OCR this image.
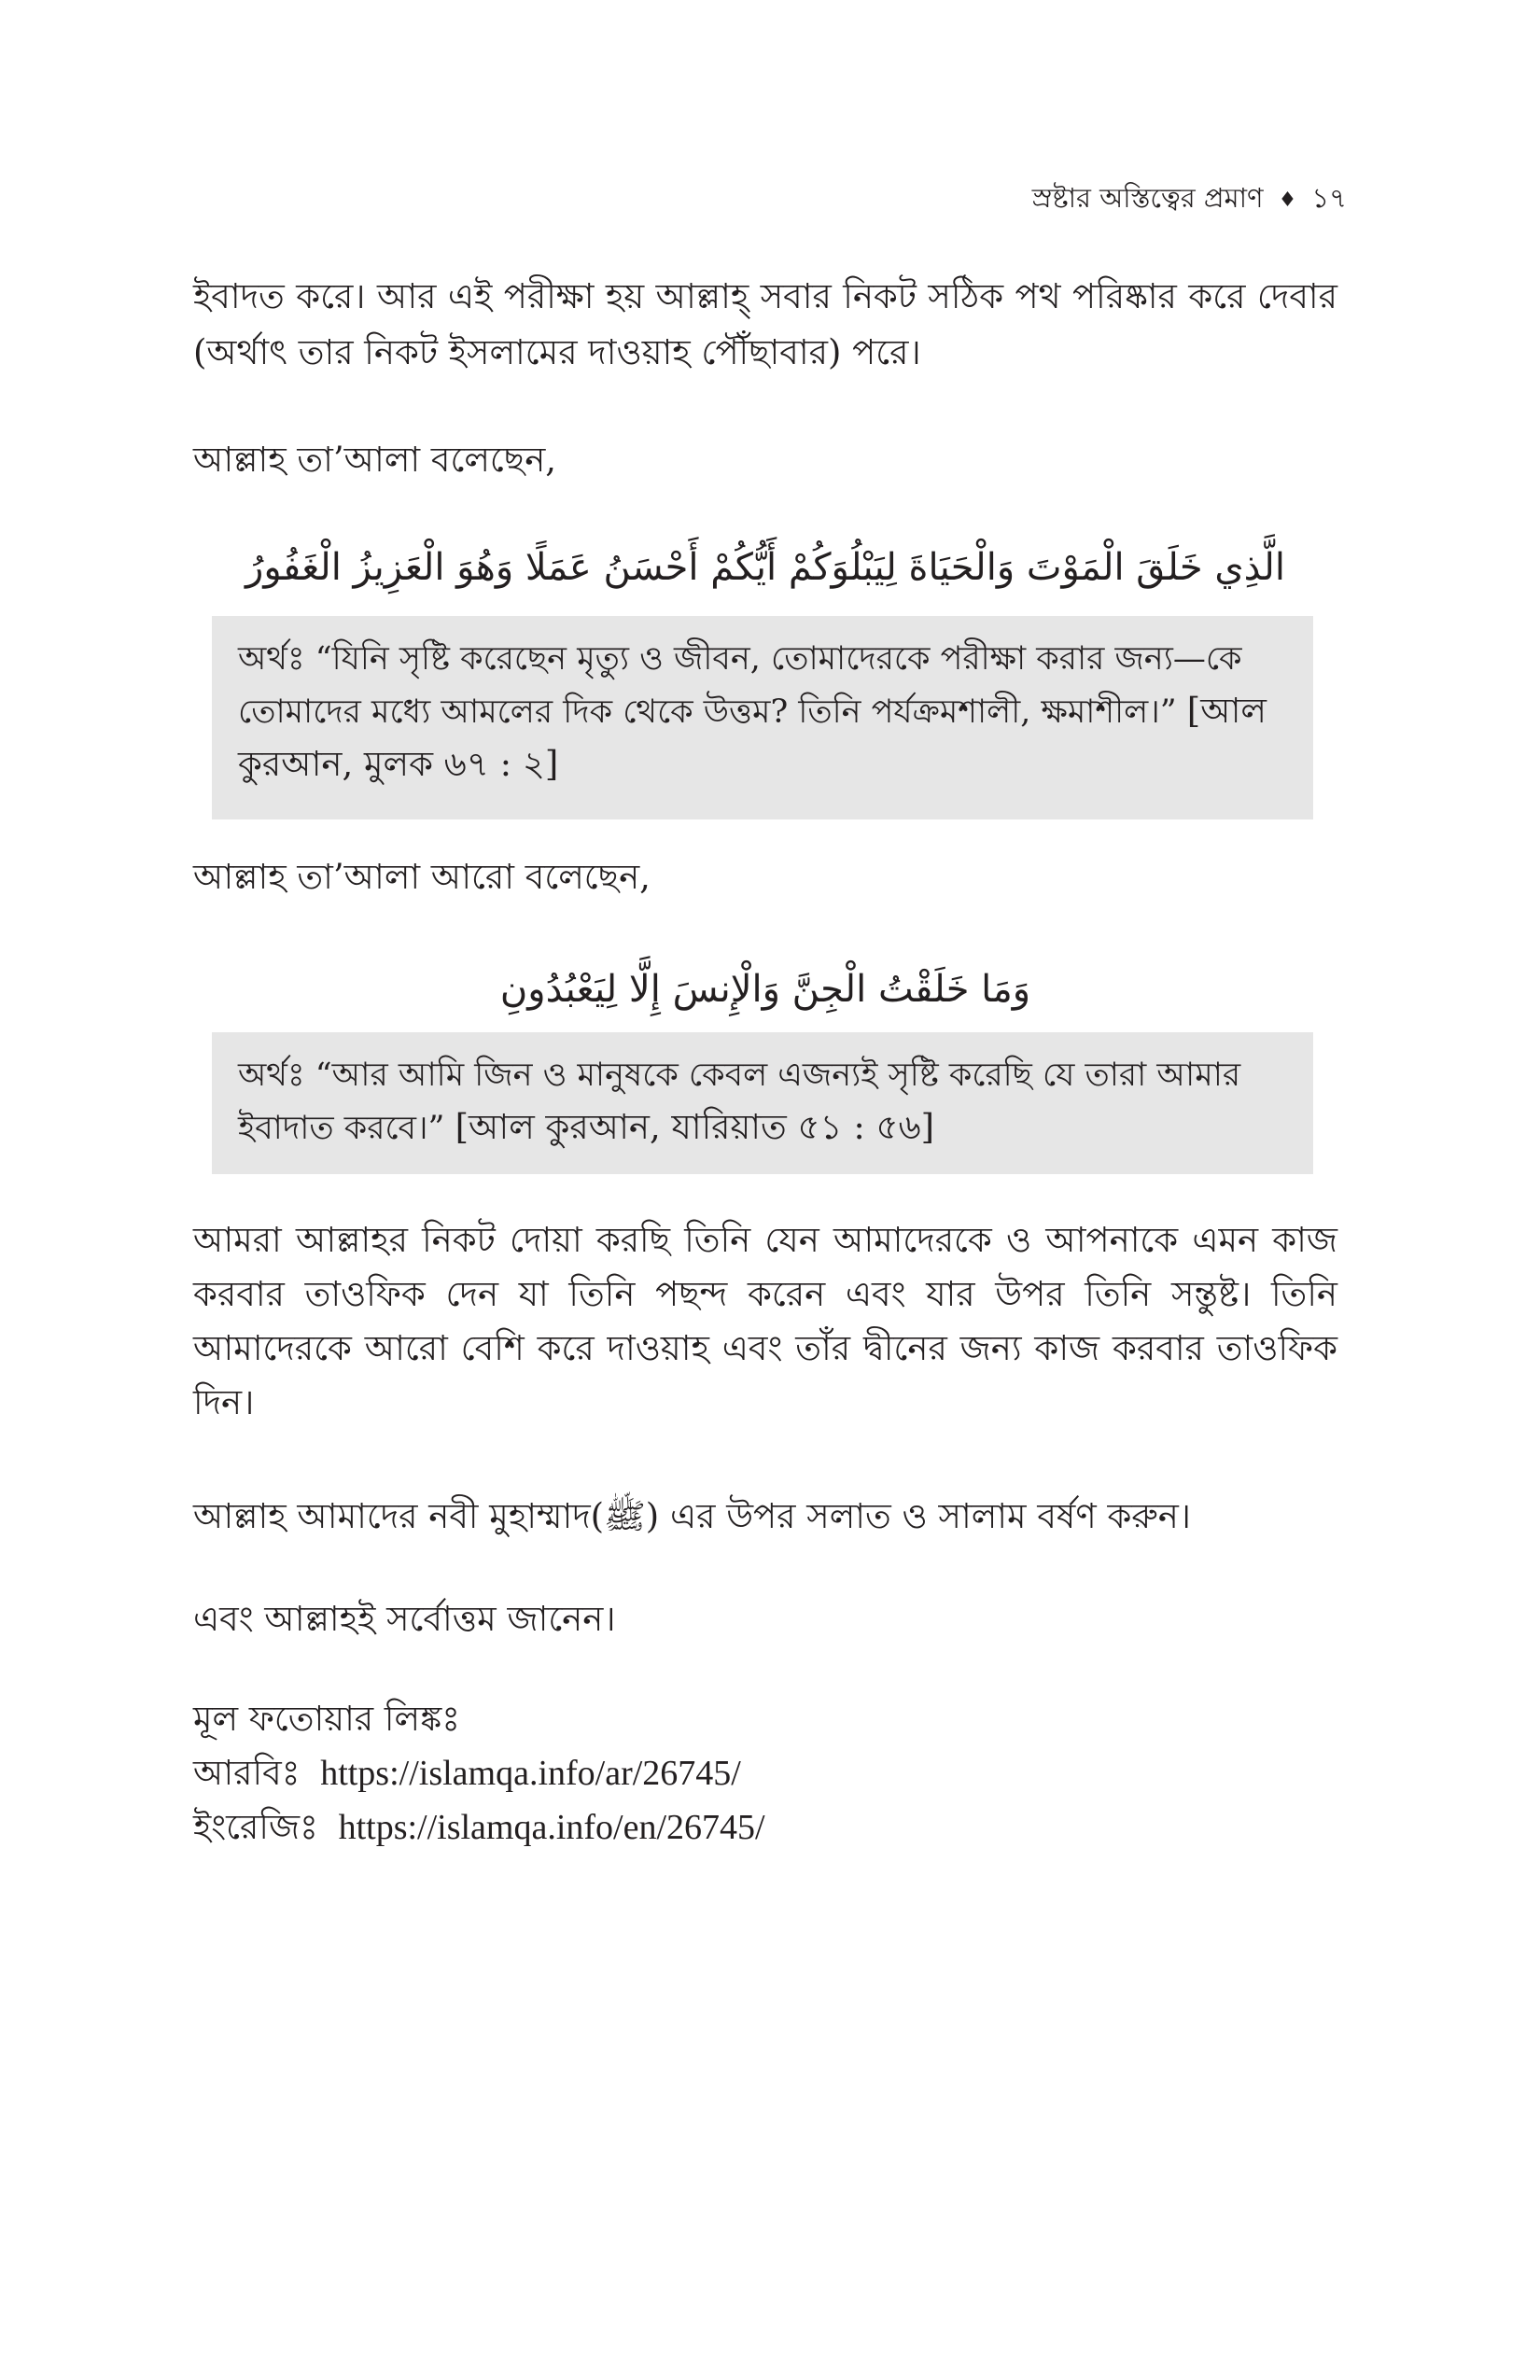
স্রষ্টার অস্তিত্বের প্রমাণ ♦ ১৭
ইবাদত করে। আর এই পরীক্ষা হয় আল্লাহ্‌ সবার নিকট সঠিক পথ পরিষ্কার করে দেবার (অর্থাৎ তার নিকট ইসলামের দাওয়াহ পৌঁছাবার) পরে।
আল্লাহ তা’আলা বলেছেন,
الَّذِي خَلَقَ الْمَوْتَ وَالْحَيَاةَ لِيَبْلُوَكُمْ أَيُّكُمْ أَحْسَنُ عَمَلًا وَهُوَ الْعَزِيزُ الْغَفُورُ
অর্থঃ “যিনি সৃষ্টি করেছেন মৃত্যু ও জীবন, তোমাদেরকে পরীক্ষা করার জন্য—কে তোমাদের মধ্যে আমলের দিক থেকে উত্তম? তিনি পর্যক্রমশালী, ক্ষমাশীল।” [আল কুরআন, মুলক ৬৭ : ২]
আল্লাহ তা’আলা আরো বলেছেন,
وَمَا خَلَقْتُ الْجِنَّ وَالْإِنسَ إِلَّا لِيَعْبُدُونِ
অর্থঃ “আর আমি জিন ও মানুষকে কেবল এজন্যই সৃষ্টি করেছি যে তারা আমার ইবাদাত করবে।” [আল কুরআন, যারিয়াত ৫১ : ৫৬]
আমরা আল্লাহর নিকট দোয়া করছি তিনি যেন আমাদেরকে ও আপনাকে এমন কাজ করবার তাওফিক দেন যা তিনি পছন্দ করেন এবং যার উপর তিনি সন্তুষ্ট। তিনি আমাদেরকে আরো বেশি করে দাওয়াহ এবং তাঁর দ্বীনের জন্য কাজ করবার তাওফিক দিন।
আল্লাহ আমাদের নবী মুহাম্মাদ(ﷺ) এর উপর সলাত ও সালাম বর্ষণ করুন।
এবং আল্লাহই সর্বোত্তম জানেন।
মূল ফতোয়ার লিঙ্কঃ
আরবিঃ https://islamqa.info/ar/26745/
ইংরেজিঃ https://islamqa.info/en/26745/
